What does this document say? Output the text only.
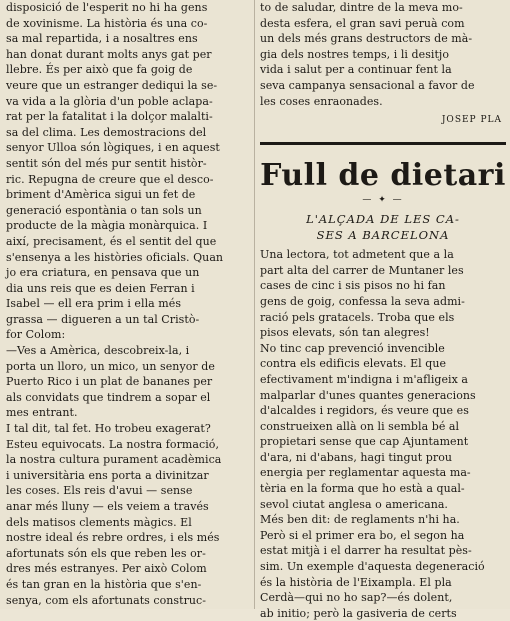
disposició de l'esperit no hi ha gens
de xovinisme. La història és una co-
sa mal repartida, i a nosaltres ens
han donat durant molts anys gat per
llebre. És per això que fa goig de
veure que un estranger dediqui la se-
va vida a la glòria d'un poble aclapa-
rat per la fatalitat i la dolçor malalti-
sa del clima. Les demostracions del
senyor Ulloa són lògiques, i en aquest
sentit són del més pur sentit històr-
ric. Repugna de creure que el desco-
briment d'Amèrica sigui un fet de
generació espontània o tan sols un
producte de la màgia monàrquica. I
així, precisament, és el sentit del que
s'ensenya a les històries oficials. Quan
jo era criatura, en pensava que un
dia uns reis que es deien Ferran i
Isabel — ell era prim i ella més
grassa — digueren a un tal Cristò-
for Colom:
—Ves a Amèrica, descobreix-la, i
porta un lloro, un mico, un senyor de
Puerto Rico i un plat de bananes per
als convidats que tindrem a sopar el
mes entrant.
I tal dit, tal fet. Ho trobeu exagerat?
Esteu equivocats. La nostra formació,
la nostra cultura purament acadèmica
i universitària ens porta a divinitzar
les coses. Els reis d'avui — sense
anar més lluny — els veiem a través
dels matisos clements màgics. El
nostre ideal és rebre ordres, i els més
afortunats són els que reben les or-
dres més estranyes. Per això Colom
és tan gran en la història que s'en-
senya, com els afortunats construc-
to de saludar, dintre de la meva mo-
desta esfera, el gran savi peruà com
un dels més grans destructors de mà-
gia dels nostres temps, i li desitjo
vida i salut per a continuar fent la
seva campanya sensacional a favor de
les coses enraonades.
JOSEP PLA
Full de dietari
— ✦ —
L'ALÇADA DE LES CA-
SES A BARCELONA
Una lectora, tot admetent que a la
part alta del carrer de Muntaner les
cases de cinc i sis pisos no hi fan
gens de goig, confessa la seva admi-
ració pels gratacels. Troba que els
pisos elevats, són tan alegres!
No tinc cap prevenció invencible
contra els edificis elevats. El que
efectivament m'indigna i m'afligeix a
malparlar d'unes quantes generacions
d'alcaldes i regidors, és veure que es
construeixen allà on li sembla bé al
propietari sense que cap Ajuntament
d'ara, ni d'abans, hagi tingut prou
energia per reglamentar aquesta ma-
tèria en la forma que ho està a qual-
sevol ciutat anglesa o americana.
Més ben dit: de reglaments n'hi ha.
Però si el primer era bo, el segon ha
estat mitjà i el darrer ha resultat pès-
sim. Un exemple d'aquesta degeneració
és la història de l'Eixampla. El pla
Cerdà—qui no ho sap?—és dolent,
ab initio; però la gasiveria de certs
